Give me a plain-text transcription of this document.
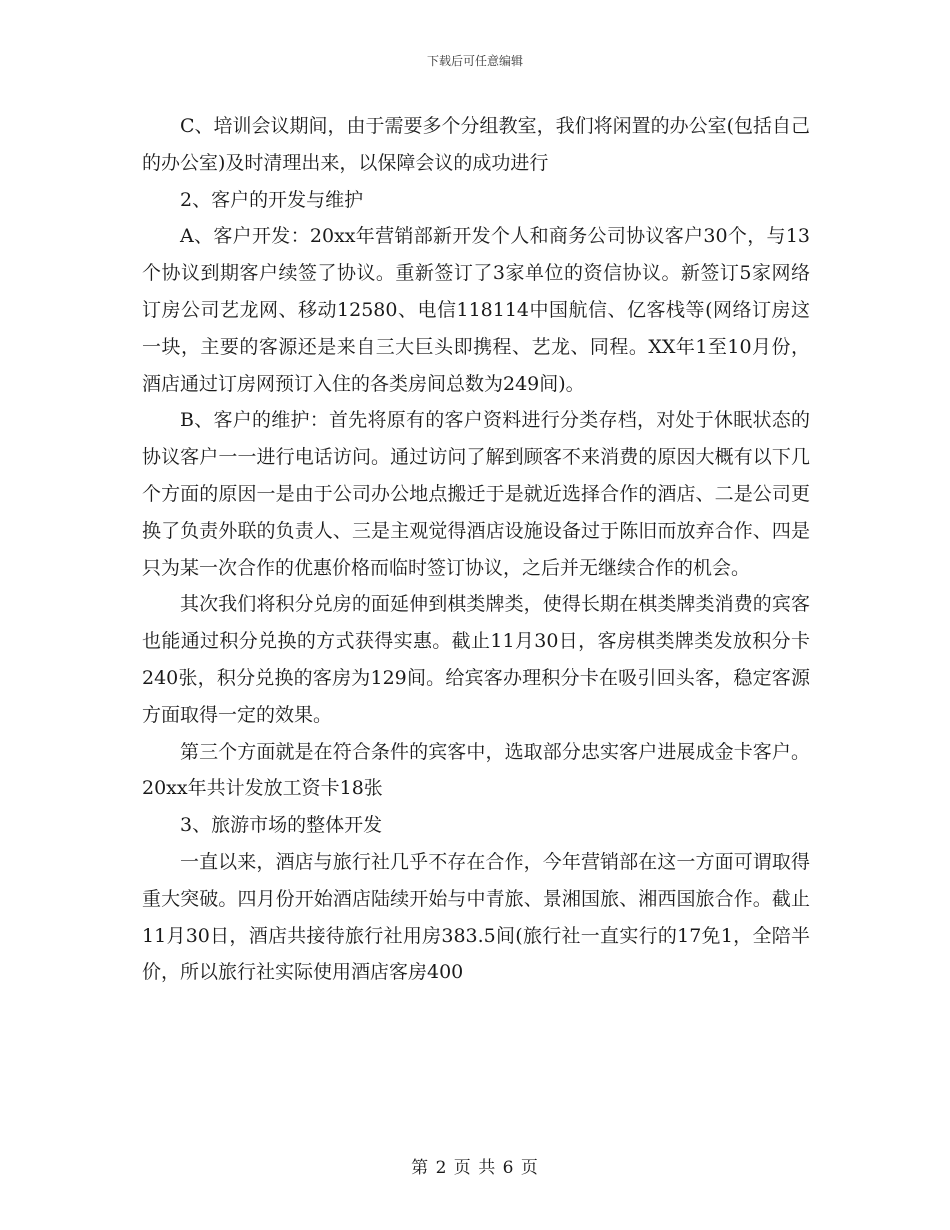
下载后可任意编辑

C、培训会议期间，由于需要多个分组教室，我们将闲置的办公室(包括自己的办公室)及时清理出来，以保障会议的成功进行

2、客户的开发与维护

A、客户开发：20xx年营销部新开发个人和商务公司协议客户30个，与13个协议到期客户续签了协议。重新签订了3家单位的资信协议。新签订5家网络订房公司艺龙网、移动12580、电信118114中国航信、亿客栈等(网络订房这一块，主要的客源还是来自三大巨头即携程、艺龙、同程。XX年1至10月份，酒店通过订房网预订入住的各类房间总数为249间)。

B、客户的维护：首先将原有的客户资料进行分类存档，对处于休眠状态的协议客户一一进行电话访问。通过访问了解到顾客不来消费的原因大概有以下几个方面的原因一是由于公司办公地点搬迁于是就近选择合作的酒店、二是公司更换了负责外联的负责人、三是主观觉得酒店设施设备过于陈旧而放弃合作、四是只为某一次合作的优惠价格而临时签订协议，之后并无继续合作的机会。

其次我们将积分兑房的面延伸到棋类牌类，使得长期在棋类牌类消费的宾客也能通过积分兑换的方式获得实惠。截止11月30日，客房棋类牌类发放积分卡240张，积分兑换的客房为129间。给宾客办理积分卡在吸引回头客，稳定客源方面取得一定的效果。

第三个方面就是在符合条件的宾客中，选取部分忠实客户进展成金卡客户。20xx年共计发放工资卡18张

3、旅游市场的整体开发

一直以来，酒店与旅行社几乎不存在合作，今年营销部在这一方面可谓取得重大突破。四月份开始酒店陆续开始与中青旅、景湘国旅、湘西国旅合作。截止11月30日，酒店共接待旅行社用房383.5间(旅行社一直实行的17免1，全陪半价，所以旅行社实际使用酒店客房400

第 2 页 共 6 页
